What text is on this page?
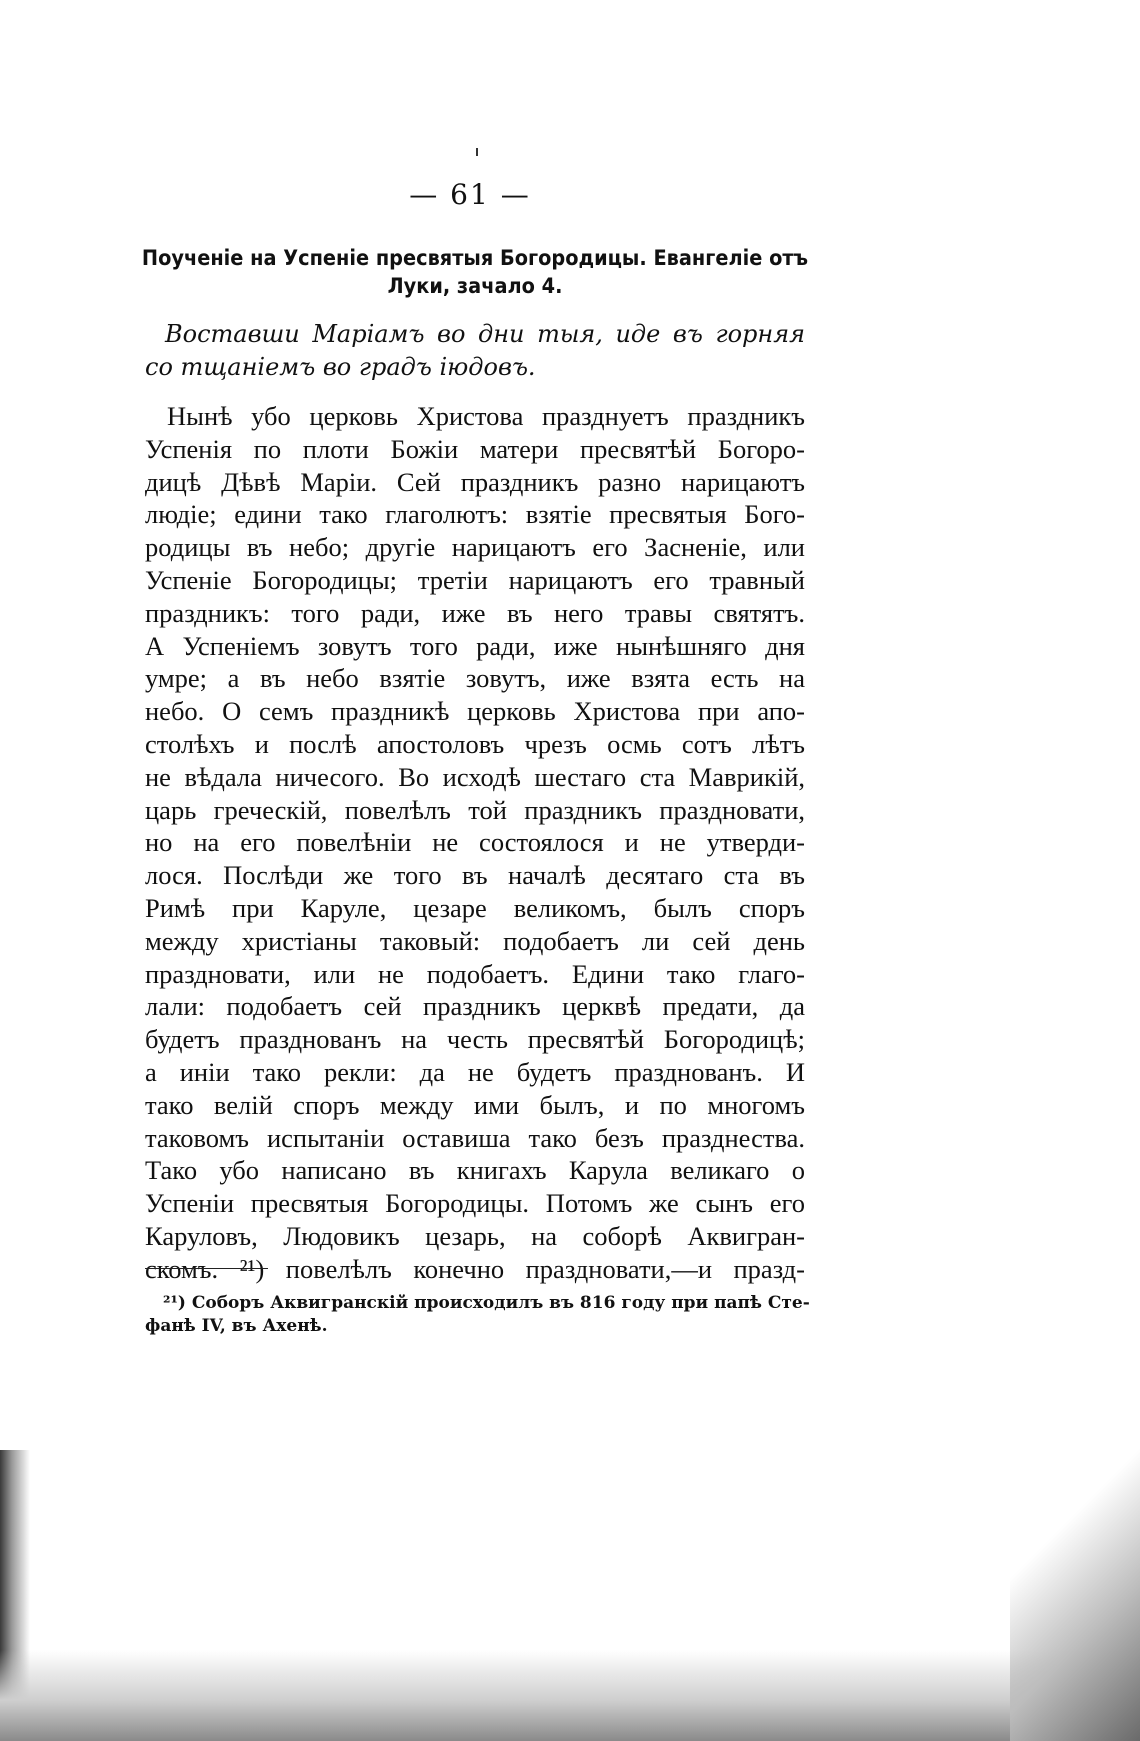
— 61 —
Поученіе на Успеніе пресвятыя Богородицы. Евангеліе отъ
Луки, зачало 4.
Воставши Маріамъ во дни тыя, иде въ горняя со тщаніемъ во градъ іюдовъ.
Нынѣ убо церковь Христова празднуетъ праздникъ
Успенія по плоти Божіи матери пресвятѣй Богоро-
дицѣ Дѣвѣ Маріи. Сей праздникъ разно нарицаютъ
людіе; едини тако глаголютъ: взятіе пресвятыя Бого-
родицы въ небо; другіе нарицаютъ его Засненіе, или
Успеніе Богородицы; третіи нарицаютъ его травный
праздникъ: того ради, иже въ него травы святятъ.
А Успеніемъ зовутъ того ради, иже нынѣшняго дня
умре; а въ небо взятіе зовутъ, иже взята есть на
небо. О семъ праздникѣ церковь Христова при апо-
столѣхъ и послѣ апостоловъ чрезъ осмь сотъ лѣтъ
не вѣдала ничесого. Во исходѣ шестаго ста Маврикій,
царь греческій, повелѣлъ той праздникъ праздновати,
но на его повелѣніи не состоялося и не утверди-
лося. Послѣди же того въ началѣ десятаго ста въ
Римѣ при Каруле, цезаре великомъ, былъ споръ
между христіаны таковый: подобаетъ ли сей день
праздновати, или не подобаетъ. Едини тако глаго-
лали: подобаетъ сей праздникъ церквѣ предати, да
будетъ празднованъ на честь пресвятѣй Богородицѣ;
а иніи тако рекли: да не будетъ празднованъ. И
тако велій споръ между ими былъ, и по многомъ
таковомъ испытаніи оставиша тако безъ празднества.
Тако убо написано въ книгахъ Карула великаго о
Успеніи пресвятыя Богородицы. Потомъ же сынъ его
Каруловъ, Людовикъ цезарь, на соборѣ Аквигран-
скомъ. ²¹) повелѣлъ конечно праздновати,—и празд-
²¹) Соборъ Аквигранскій происходилъ въ 816 году при папѣ Сте-
фанѣ IV, въ Ахенѣ.
